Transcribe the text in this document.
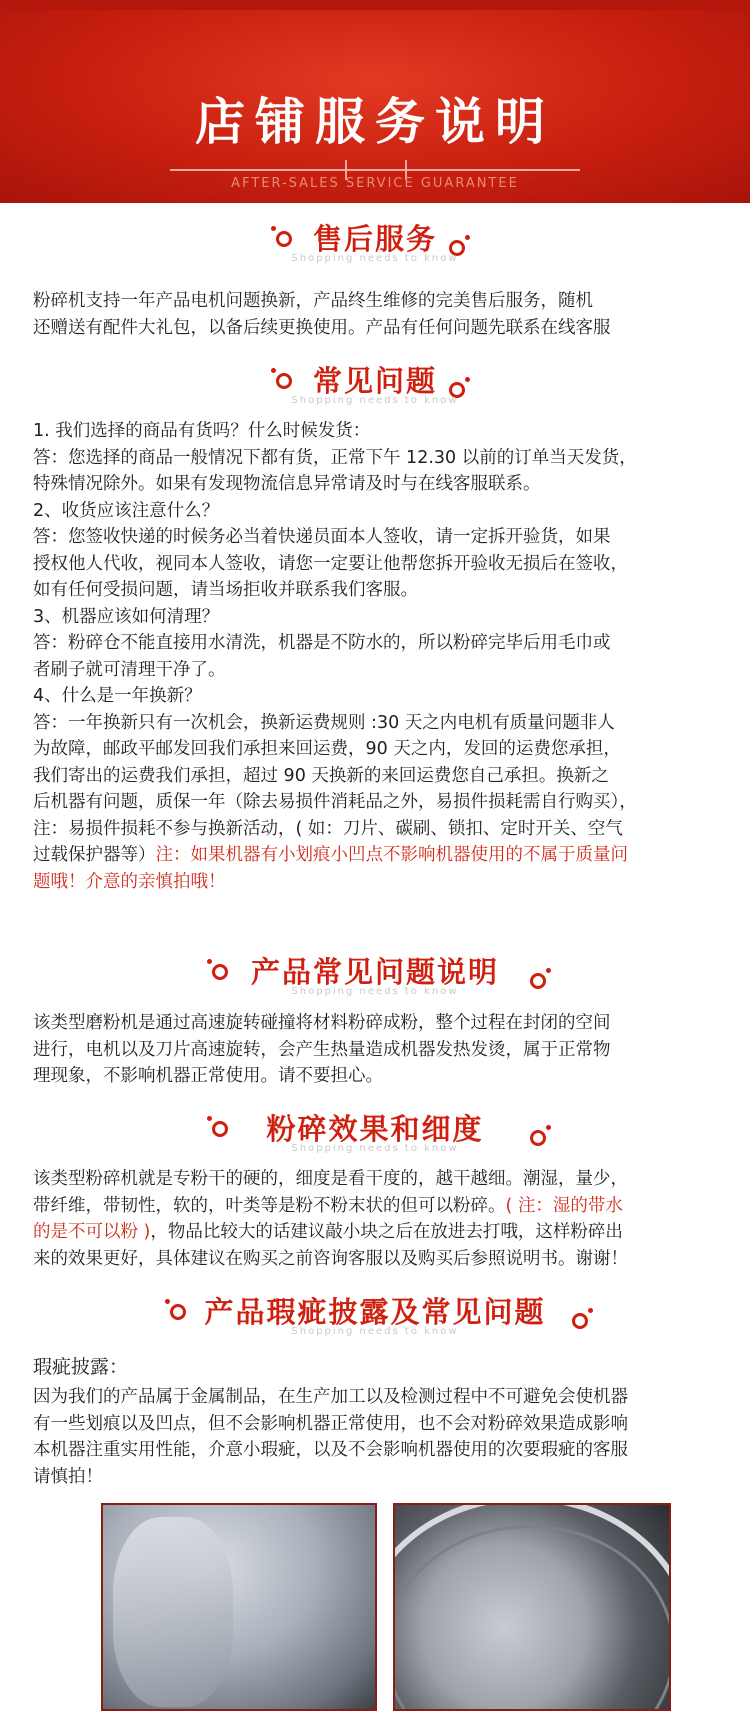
店铺服务说明
AFTER-SALES SERVICE GUARANTEE
售后服务
Shopping needs to know
粉碎机支持一年产品电机问题换新，产品终生维修的完美售后服务，随机
还赠送有配件大礼包，以备后续更换使用。产品有任何问题先联系在线客服
常见问题
Shopping needs to know
1. 我们选择的商品有货吗？什么时候发货：
答：您选择的商品一般情况下都有货，正常下午 12.30 以前的订单当天发货，
特殊情况除外。如果有发现物流信息异常请及时与在线客服联系。
2、收货应该注意什么？
答：您签收快递的时候务必当着快递员面本人签收，请一定拆开验货，如果
授权他人代收，视同本人签收，请您一定要让他帮您拆开验收无损后在签收，
如有任何受损问题，请当场拒收并联系我们客服。
3、机器应该如何清理？
答：粉碎仓不能直接用水清洗，机器是不防水的，所以粉碎完毕后用毛巾或
者刷子就可清理干净了。
4、什么是一年换新？
答：一年换新只有一次机会，换新运费规则 :30 天之内电机有质量问题非人
为故障，邮政平邮发回我们承担来回运费，90 天之内，发回的运费您承担，
我们寄出的运费我们承担，超过 90 天换新的来回运费您自己承担。换新之
后机器有问题，质保一年（除去易损件消耗品之外，易损件损耗需自行购买），
注：易损件损耗不参与换新活动，( 如：刀片、碳刷、锁扣、定时开关、空气
过载保护器等）注：如果机器有小划痕小凹点不影响机器使用的不属于质量问
题哦！介意的亲慎拍哦！
产品常见问题说明
Shopping needs to know
该类型磨粉机是通过高速旋转碰撞将材料粉碎成粉，整个过程在封闭的空间
进行，电机以及刀片高速旋转，会产生热量造成机器发热发烫，属于正常物
理现象，不影响机器正常使用。请不要担心。
粉碎效果和细度
Shopping needs to know
该类型粉碎机就是专粉干的硬的，细度是看干度的，越干越细。潮湿，量少，
带纤维，带韧性，软的，叶类等是粉不粉末状的但可以粉碎。( 注：湿的带水
的是不可以粉 )，物品比较大的话建议敲小块之后在放进去打哦，这样粉碎出
来的效果更好，具体建议在购买之前咨询客服以及购买后参照说明书。谢谢！
产品瑕疵披露及常见问题
Shopping needs to know
瑕疵披露：
因为我们的产品属于金属制品，在生产加工以及检测过程中不可避免会使机器
有一些划痕以及凹点，但不会影响机器正常使用，也不会对粉碎效果造成影响
本机器注重实用性能，介意小瑕疵，以及不会影响机器使用的次要瑕疵的客服
请慎拍！
